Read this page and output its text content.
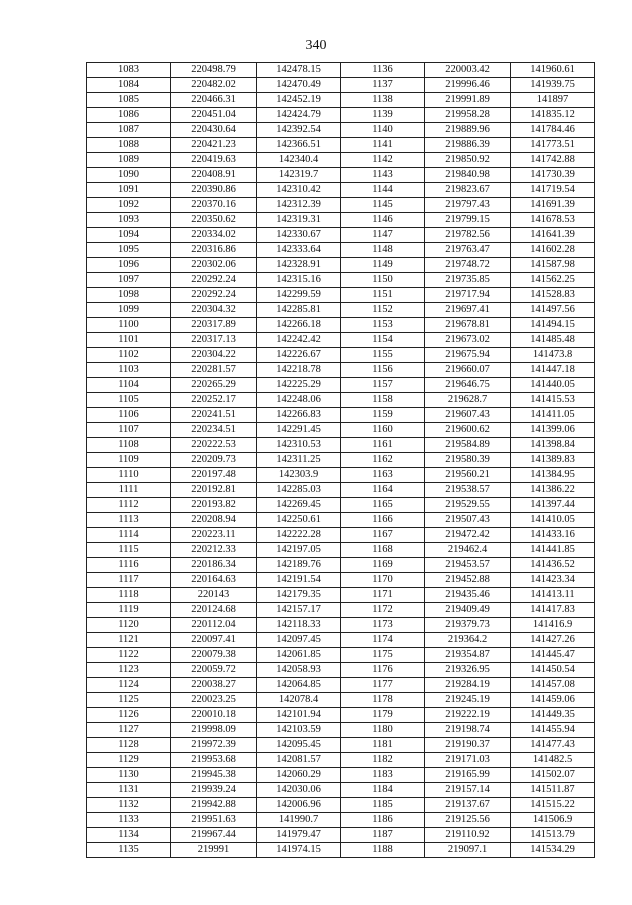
340
1083	220498.79	142478.15	1136	220003.42	141960.61
1084	220482.02	142470.49	1137	219996.46	141939.75
1085	220466.31	142452.19	1138	219991.89	141897
1086	220451.04	142424.79	1139	219958.28	141835.12
1087	220430.64	142392.54	1140	219889.96	141784.46
1088	220421.23	142366.51	1141	219886.39	141773.51
1089	220419.63	142340.4	1142	219850.92	141742.88
1090	220408.91	142319.7	1143	219840.98	141730.39
1091	220390.86	142310.42	1144	219823.67	141719.54
1092	220370.16	142312.39	1145	219797.43	141691.39
1093	220350.62	142319.31	1146	219799.15	141678.53
1094	220334.02	142330.67	1147	219782.56	141641.39
1095	220316.86	142333.64	1148	219763.47	141602.28
1096	220302.06	142328.91	1149	219748.72	141587.98
1097	220292.24	142315.16	1150	219735.85	141562.25
1098	220292.24	142299.59	1151	219717.94	141528.83
1099	220304.32	142285.81	1152	219697.41	141497.56
1100	220317.89	142266.18	1153	219678.81	141494.15
1101	220317.13	142242.42	1154	219673.02	141485.48
1102	220304.22	142226.67	1155	219675.94	141473.8
1103	220281.57	142218.78	1156	219660.07	141447.18
1104	220265.29	142225.29	1157	219646.75	141440.05
1105	220252.17	142248.06	1158	219628.7	141415.53
1106	220241.51	142266.83	1159	219607.43	141411.05
1107	220234.51	142291.45	1160	219600.62	141399.06
1108	220222.53	142310.53	1161	219584.89	141398.84
1109	220209.73	142311.25	1162	219580.39	141389.83
1110	220197.48	142303.9	1163	219560.21	141384.95
1111	220192.81	142285.03	1164	219538.57	141386.22
1112	220193.82	142269.45	1165	219529.55	141397.44
1113	220208.94	142250.61	1166	219507.43	141410.05
1114	220223.11	142222.28	1167	219472.42	141433.16
1115	220212.33	142197.05	1168	219462.4	141441.85
1116	220186.34	142189.76	1169	219453.57	141436.52
1117	220164.63	142191.54	1170	219452.88	141423.34
1118	220143	142179.35	1171	219435.46	141413.11
1119	220124.68	142157.17	1172	219409.49	141417.83
1120	220112.04	142118.33	1173	219379.73	141416.9
1121	220097.41	142097.45	1174	219364.2	141427.26
1122	220079.38	142061.85	1175	219354.87	141445.47
1123	220059.72	142058.93	1176	219326.95	141450.54
1124	220038.27	142064.85	1177	219284.19	141457.08
1125	220023.25	142078.4	1178	219245.19	141459.06
1126	220010.18	142101.94	1179	219222.19	141449.35
1127	219998.09	142103.59	1180	219198.74	141455.94
1128	219972.39	142095.45	1181	219190.37	141477.43
1129	219953.68	142081.57	1182	219171.03	141482.5
1130	219945.38	142060.29	1183	219165.99	141502.07
1131	219939.24	142030.06	1184	219157.14	141511.87
1132	219942.88	142006.96	1185	219137.67	141515.22
1133	219951.63	141990.7	1186	219125.56	141506.9
1134	219967.44	141979.47	1187	219110.92	141513.79
1135	219991	141974.15	1188	219097.1	141534.29
